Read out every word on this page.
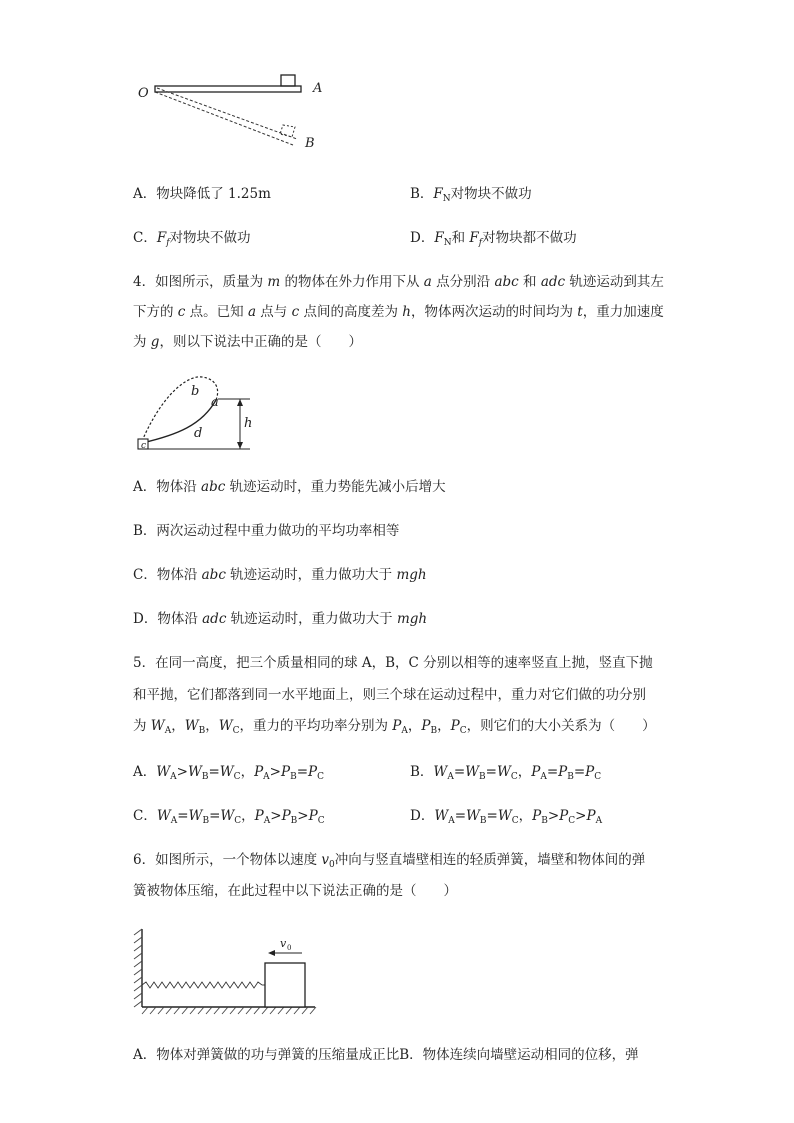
O	A
B
A．物块降低了 1.25m	B．$F_N$对物块不做功
C．$F_f$对物块不做功	D．$F_N$和 $F_f$对物块都不做功
4．如图所示，质量为 m 的物体在外力作用下从 a 点分别沿 abc 和 adc 轨迹运动到其左
下方的 c 点。已知 a 点与 c 点间的高度差为 h，物体两次运动的时间均为 t，重力加速度
为 g，则以下说法中正确的是（　　）
c
b
a
d
h
A．物体沿 abc 轨迹运动时，重力势能先减小后增大
B．两次运动过程中重力做功的平均功率相等
C．物体沿 abc 轨迹运动时，重力做功大于 mgh
D．物体沿 adc 轨迹运动时，重力做功大于 mgh
5．在同一高度，把三个质量相同的球 A，B，C 分别以相等的速率竖直上抛，竖直下抛
和平抛，它们都落到同一水平地面上，则三个球在运动过程中，重力对它们做的功分别
为 $W_A$，$W_B$，$W_C$，重力的平均功率分别为 $P_A$，$P_B$，$P_C$，则它们的大小关系为（　　）
A．$W_A>W_B=W_C$，$P_A>P_B=P_C$	B．$W_A=W_B=W_C$，$P_A=P_B=P_C$
C．$W_A=W_B=W_C$，$P_A>P_B>P_C$	D．$W_A=W_B=W_C$，$P_B>P_C>P_A$
6．如图所示，一个物体以速度 $v_0$冲向与竖直墙壁相连的轻质弹簧，墙壁和物体间的弹
簧被物体压缩，在此过程中以下说法正确的是（　　）
v 0
A．物体对弹簧做的功与弹簧的压缩量成正比B．物体连续向墙壁运动相同的位移，弹
